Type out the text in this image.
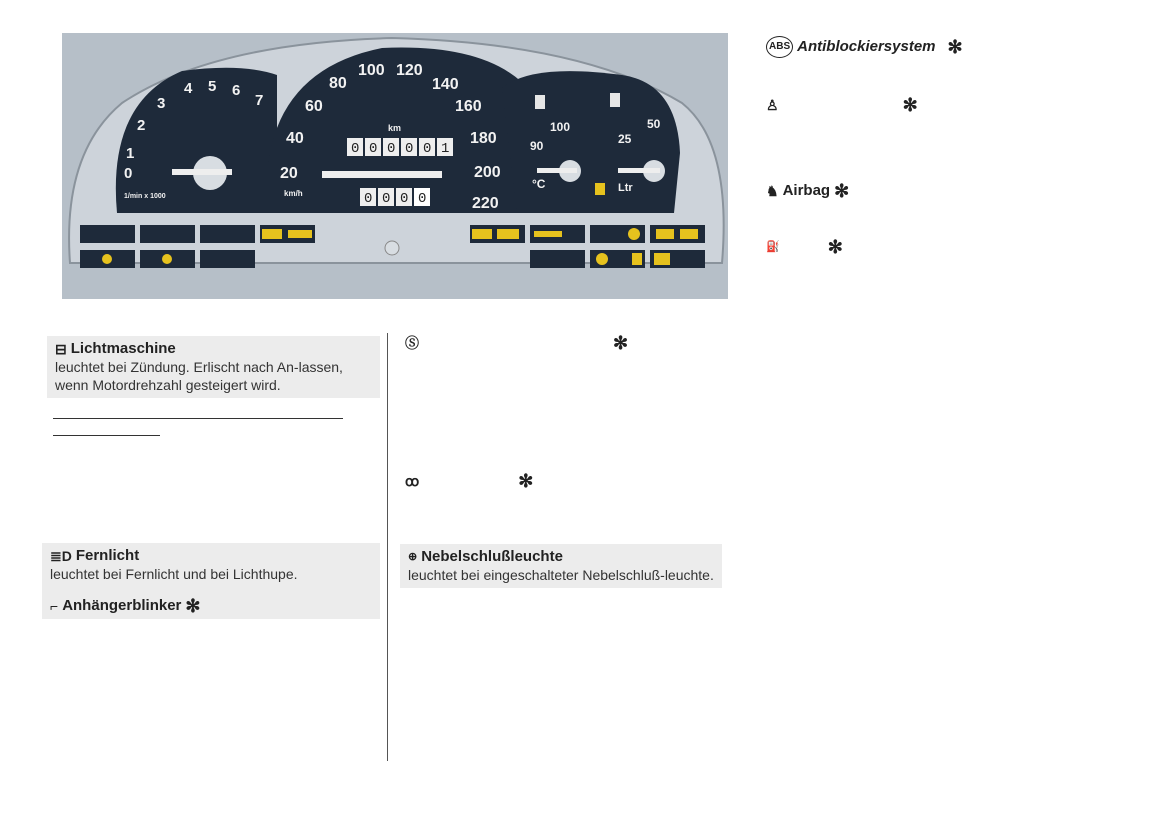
0
1
2
3
4 5 6
7
1/min x 1000
20
40
60
80
100 120
140
160
180
200
220
km
0 0 0 0 0 1
0 0 0 0
km/h
90
100
°C
25
50
Ltr
ABS Antiblockiersystem ✻
♙	✻
♞ Airbag ✻
⛽	✻
⊟ Lichtmaschine
leuchtet bei Zündung. Erlischt nach An-lassen, wenn Motordrehzahl gesteigert wird.
≣D Fernlicht
leuchtet bei Fernlicht und bei Lichthupe.
⌐ Anhängerblinker ✻
Ⓢ	✻
ꝏ	✻
⊕ Nebelschlußleuchte
leuchtet bei eingeschalteter Nebelschluß-leuchte.
